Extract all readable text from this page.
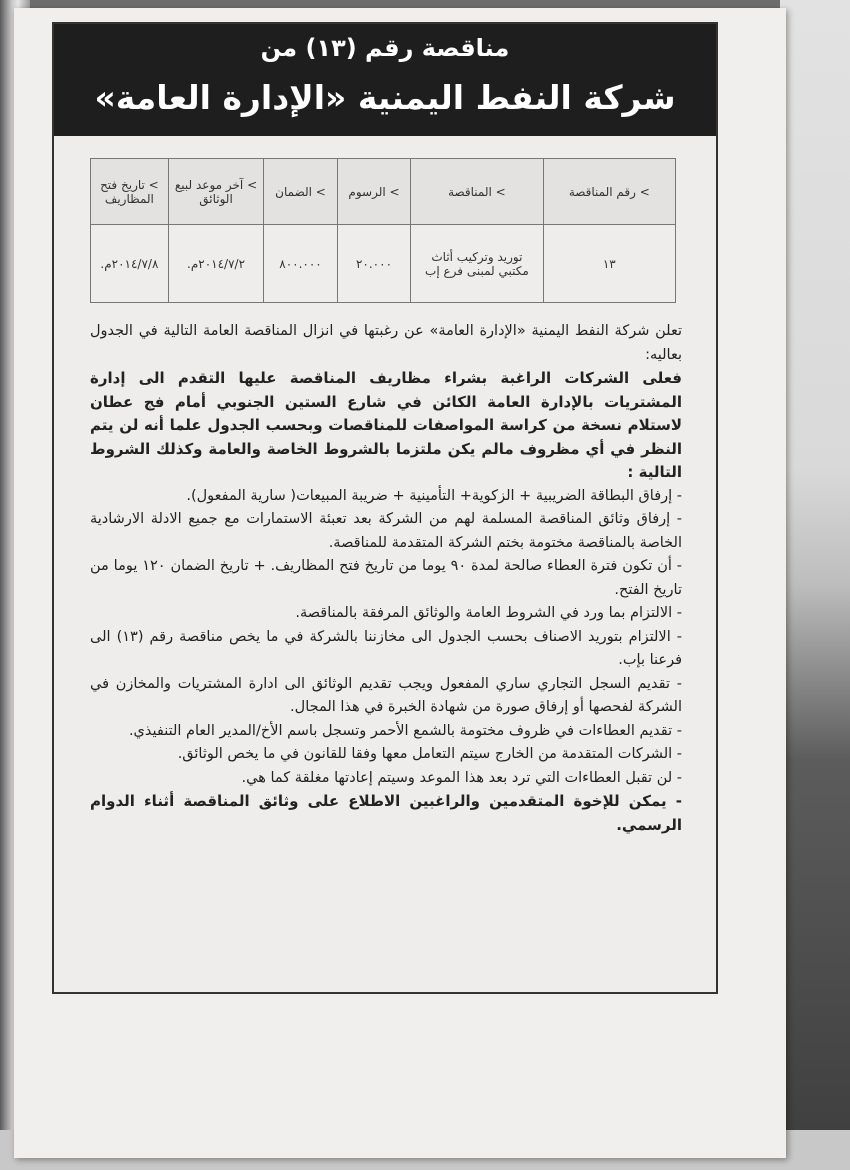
مناقصة رقم (١٣) من
شركة النفط اليمنية «الإدارة العامة»
> رقم المناقصة	> المناقصة	> الرسوم	> الضمان	> آخر موعد لبيع الوثائق	> تاريخ فتح المظاريف
١٣	توريد وتركيب أثاث مكتبي لمبنى فرع إب	٢٠.٠٠٠	٨٠٠.٠٠٠	٢٠١٤/٧/٢م.	٢٠١٤/٧/٨م.

تعلن شركة النفط اليمنية «الإدارة العامة» عن رغبتها في انزال المناقصة العامة التالية في الجدول بعاليه:

فعلى الشركات الراغبة بشراء مظاريف المناقصة عليها التقدم الى إدارة المشتريات بالإدارة العامة الكائن في شارع الستين الجنوبي أمام فج عطان لاستلام نسخة من كراسة المواصفات للمناقصات وبحسب الجدول علما أنه لن يتم النظر في أي مظروف مالم يكن ملتزما بالشروط الخاصة والعامة وكذلك الشروط التالية :

- إرفاق البطاقة الضريبية + الزكوية+ التأمينية + ضريبة المبيعات( سارية المفعول).

- إرفاق وثائق المناقصة المسلمة لهم من الشركة بعد تعبئة الاستمارات مع جميع الادلة الارشادية الخاصة بالمناقصة مختومة بختم الشركة المتقدمة للمناقصة.

- أن تكون فترة العطاء صالحة لمدة ٩٠ يوما من تاريخ فتح المظاريف. + تاريخ الضمان ١٢٠ يوما من تاريخ الفتح.

- الالتزام بما ورد في الشروط العامة والوثائق المرفقة بالمناقصة.

- الالتزام بتوريد الاصناف بحسب الجدول الى مخازننا بالشركة في ما يخص مناقصة رقم (١٣) الى فرعنا بإب.

- تقديم السجل التجاري ساري المفعول ويجب تقديم الوثائق الى ادارة المشتريات والمخازن في الشركة لفحصها أو إرفاق صورة من شهادة الخبرة في هذا المجال.

- تقديم العطاءات في ظروف مختومة بالشمع الأحمر وتسجل باسم الأخ/المدير العام التنفيذي.

- الشركات المتقدمة من الخارج سيتم التعامل معها وفقا للقانون في ما يخص الوثائق.

- لن تقبل العطاءات التي ترد بعد هذا الموعد وسيتم إعادتها مغلقة كما هي.

- يمكن للإخوة المتقدمين والراغبين الاطلاع على وثائق المناقصة أثناء الدوام الرسمي.
